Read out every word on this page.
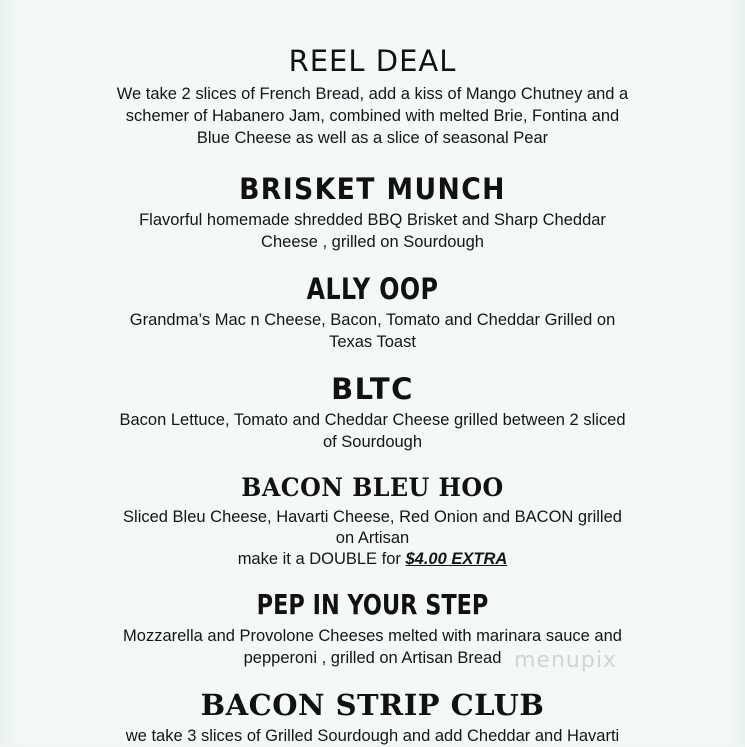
REEL DEAL
We take 2 slices of French Bread, add a kiss of Mango Chutney and a
schemer of Habanero Jam, combined with melted Brie, Fontina and
Blue Cheese as well as a slice of seasonal Pear
BRISKET MUNCH
Flavorful homemade shredded BBQ Brisket and Sharp Cheddar
Cheese , grilled on Sourdough
ALLY OOP
Grandma’s Mac n Cheese, Bacon, Tomato and Cheddar Grilled on
Texas Toast
BLTC
Bacon Lettuce, Tomato and Cheddar Cheese grilled between 2 sliced
of Sourdough
BACON BLEU HOO
Sliced Bleu Cheese, Havarti Cheese, Red Onion and BACON grilled
on Artisan
make it a DOUBLE for $4.00 EXTRA
PEP IN YOUR STEP
Mozzarella and Provolone Cheeses melted with marinara sauce and
pepperoni , grilled on Artisan Bread
BACON STRIP CLUB
we take 3 slices of Grilled Sourdough and add Cheddar and Havarti
menupix
